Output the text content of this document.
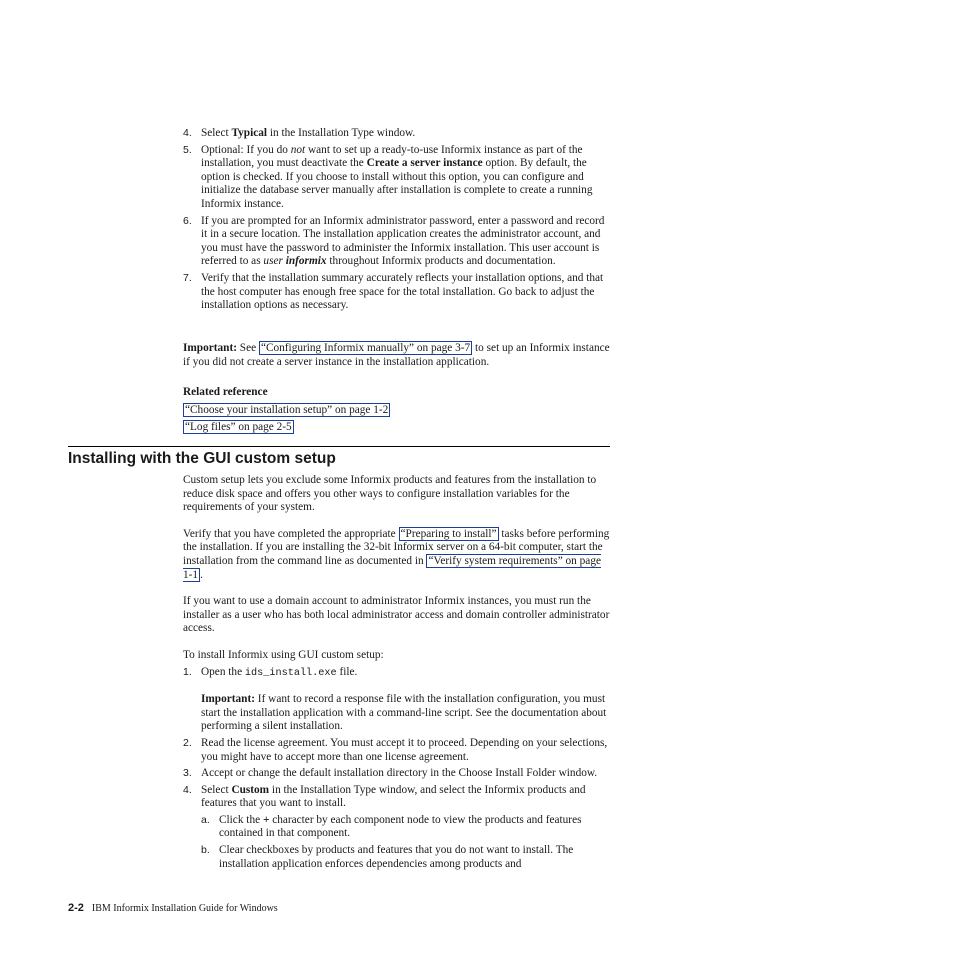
4. Select Typical in the Installation Type window.
5. Optional: If you do not want to set up a ready-to-use Informix instance as part of the installation, you must deactivate the Create a server instance option. By default, the option is checked. If you choose to install without this option, you can configure and initialize the database server manually after installation is complete to create a running Informix instance.
6. If you are prompted for an Informix administrator password, enter a password and record it in a secure location. The installation application creates the administrator account, and you must have the password to administer the Informix installation. This user account is referred to as user informix throughout Informix products and documentation.
7. Verify that the installation summary accurately reflects your installation options, and that the host computer has enough free space for the total installation. Go back to adjust the installation options as necessary.

Important: See “Configuring Informix manually” on page 3-7 to set up an Informix instance if you did not create a server instance in the installation application.

Related reference

“Choose your installation setup” on page 1-2

“Log files” on page 2-5

Installing with the GUI custom setup

Custom setup lets you exclude some Informix products and features from the installation to reduce disk space and offers you other ways to configure installation variables for the requirements of your system.

Verify that you have completed the appropriate “Preparing to install” tasks before performing the installation. If you are installing the 32-bit Informix server on a 64-bit computer, start the installation from the command line as documented in “Verify system requirements” on page 1-1 .

If you want to use a domain account to administrator Informix instances, you must run the installer as a user who has both local administrator access and domain controller administrator access.

To install Informix using GUI custom setup:

1. Open the ids_install.exe file.
Important: If want to record a response file with the installation configuration, you must start the installation application with a command-line script. See the documentation about performing a silent installation.
2. Read the license agreement. You must accept it to proceed. Depending on your selections, you might have to accept more than one license agreement.
3. Accept or change the default installation directory in the Choose Install Folder window.
4. Select Custom in the Installation Type window, and select the Informix products and features that you want to install.
a. Click the + character by each component node to view the products and features contained in that component.
b. Clear checkboxes by products and features that you do not want to install. The installation application enforces dependencies among products and
2-2 IBM Informix Installation Guide for Windows
